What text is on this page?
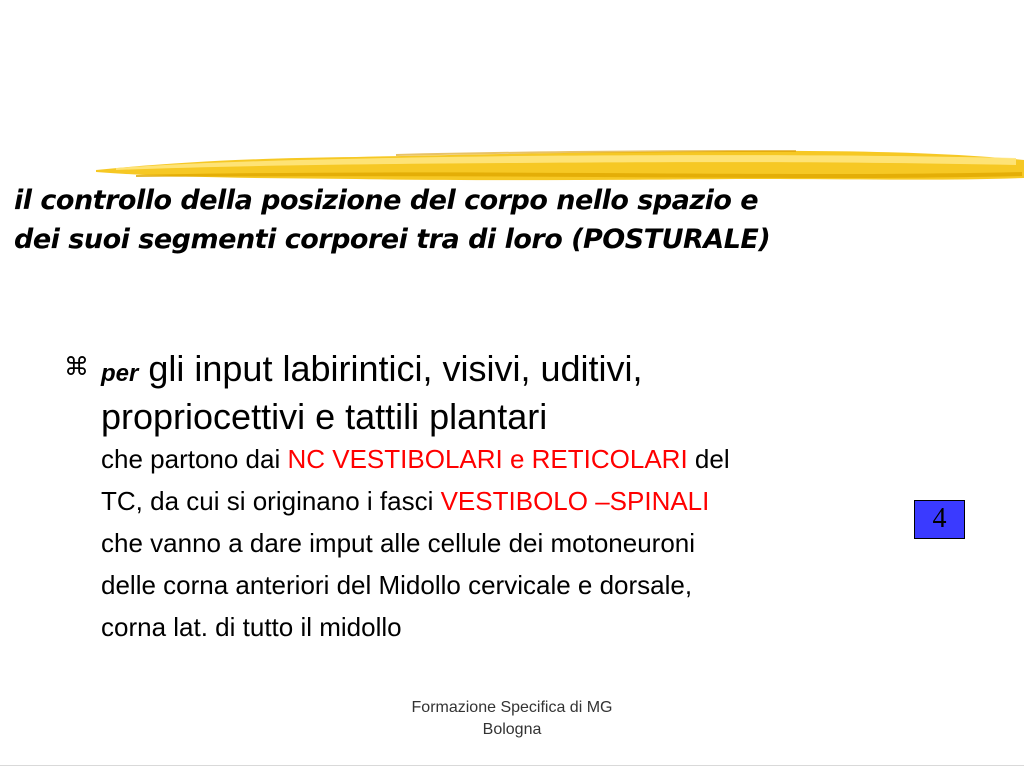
il controllo della posizione del corpo nello spazio e
dei suoi segmenti corporei tra di loro (POSTURALE)
⌘ per gli input labirintici, visivi, uditivi,
propriocettivi e tattili plantari
che partono dai NC VESTIBOLARI e RETICOLARI del
TC, da cui si originano i fasci VESTIBOLO –SPINALI
che vanno a dare imput alle cellule dei motoneuroni
delle corna anteriori del Midollo cervicale e dorsale,
corna lat. di tutto il midollo
4
Formazione Specifica di MG
Bologna
